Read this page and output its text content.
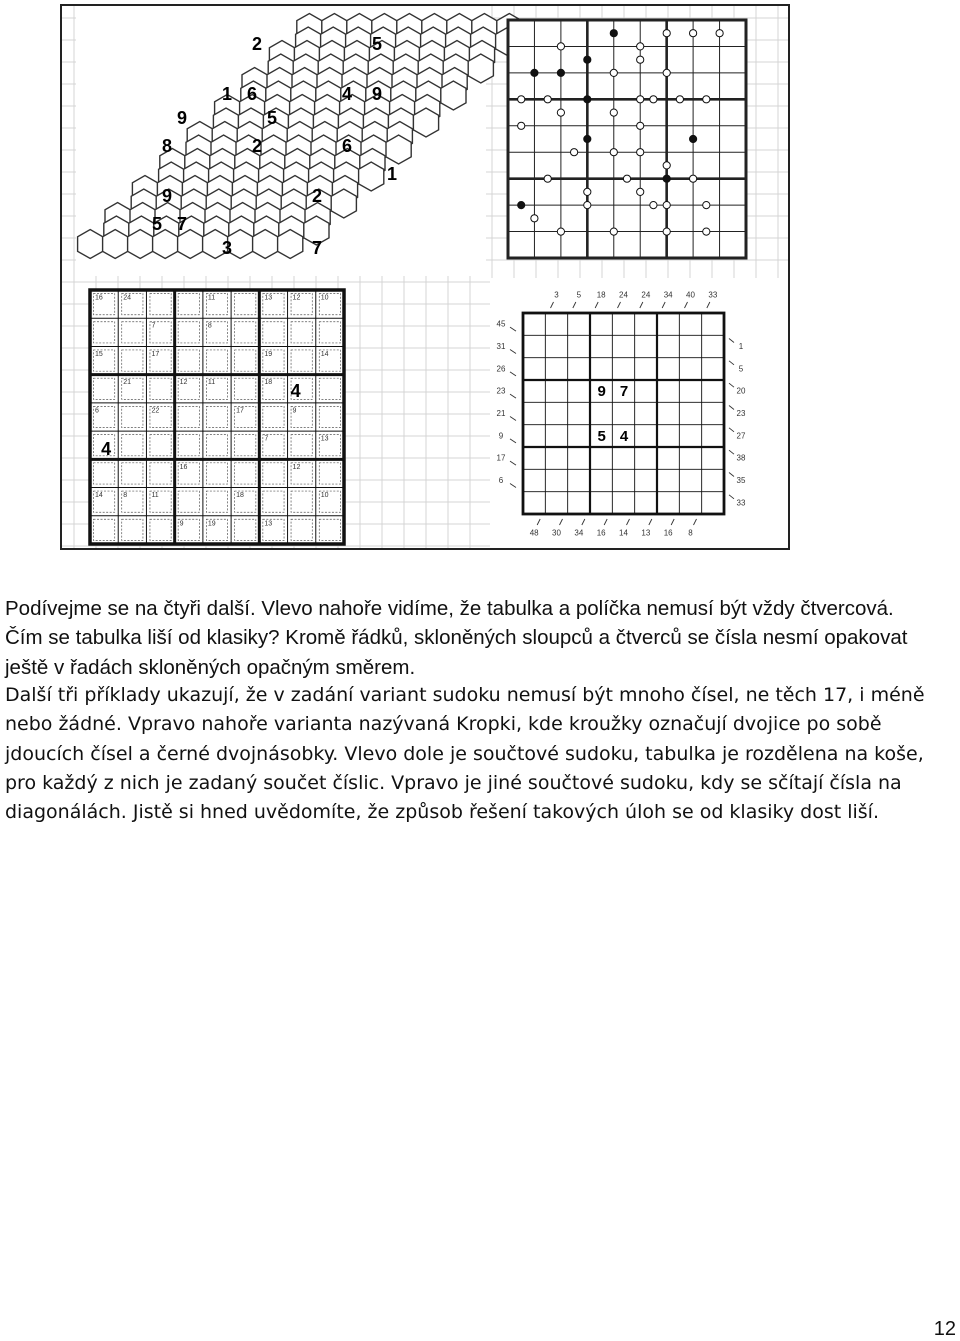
2	5
1 6	4 9
9	5
8	2	6
1
9	2
5 7
3	7
16	24	11	13	12	10
7	8
15	17	19	14
21	12	11	18
6	22	17	9
7	13
16	12
14	8	11	18	10
9	19	13
4
4
9 7
5 4
3 5 18 24 24 34 40 33
45
31
26
23
21
9
17
6
1
5
20
23
27
38
35
33
48 30 34 16 14 13 16 8

Podívejme se na čtyři další. Vlevo nahoře vidíme, že tabulka a políčka nemusí být vždy čtvercová. Čím se tabulka liší od klasiky? Kromě řádků, skloněných sloupců a čtverců se čísla nesmí opakovat ještě v řadách skloněných opačným směrem.

Další tři příklady ukazují, že v zadání variant sudoku nemusí být mnoho čísel, ne těch 17, i méně nebo žádné. Vpravo nahoře varianta nazývaná Kropki, kde kroužky označují dvojice po sobě jdoucích čísel a černé dvojnásobky. Vlevo dole je součtové sudoku, tabulka je rozdělena na koše, pro každý z nich je zadaný součet číslic. Vpravo je jiné součtové sudoku, kdy se sčítají čísla na diagonálách. Jistě si hned uvědomíte, že způsob řešení takových úloh se od klasiky dost liší.

12
